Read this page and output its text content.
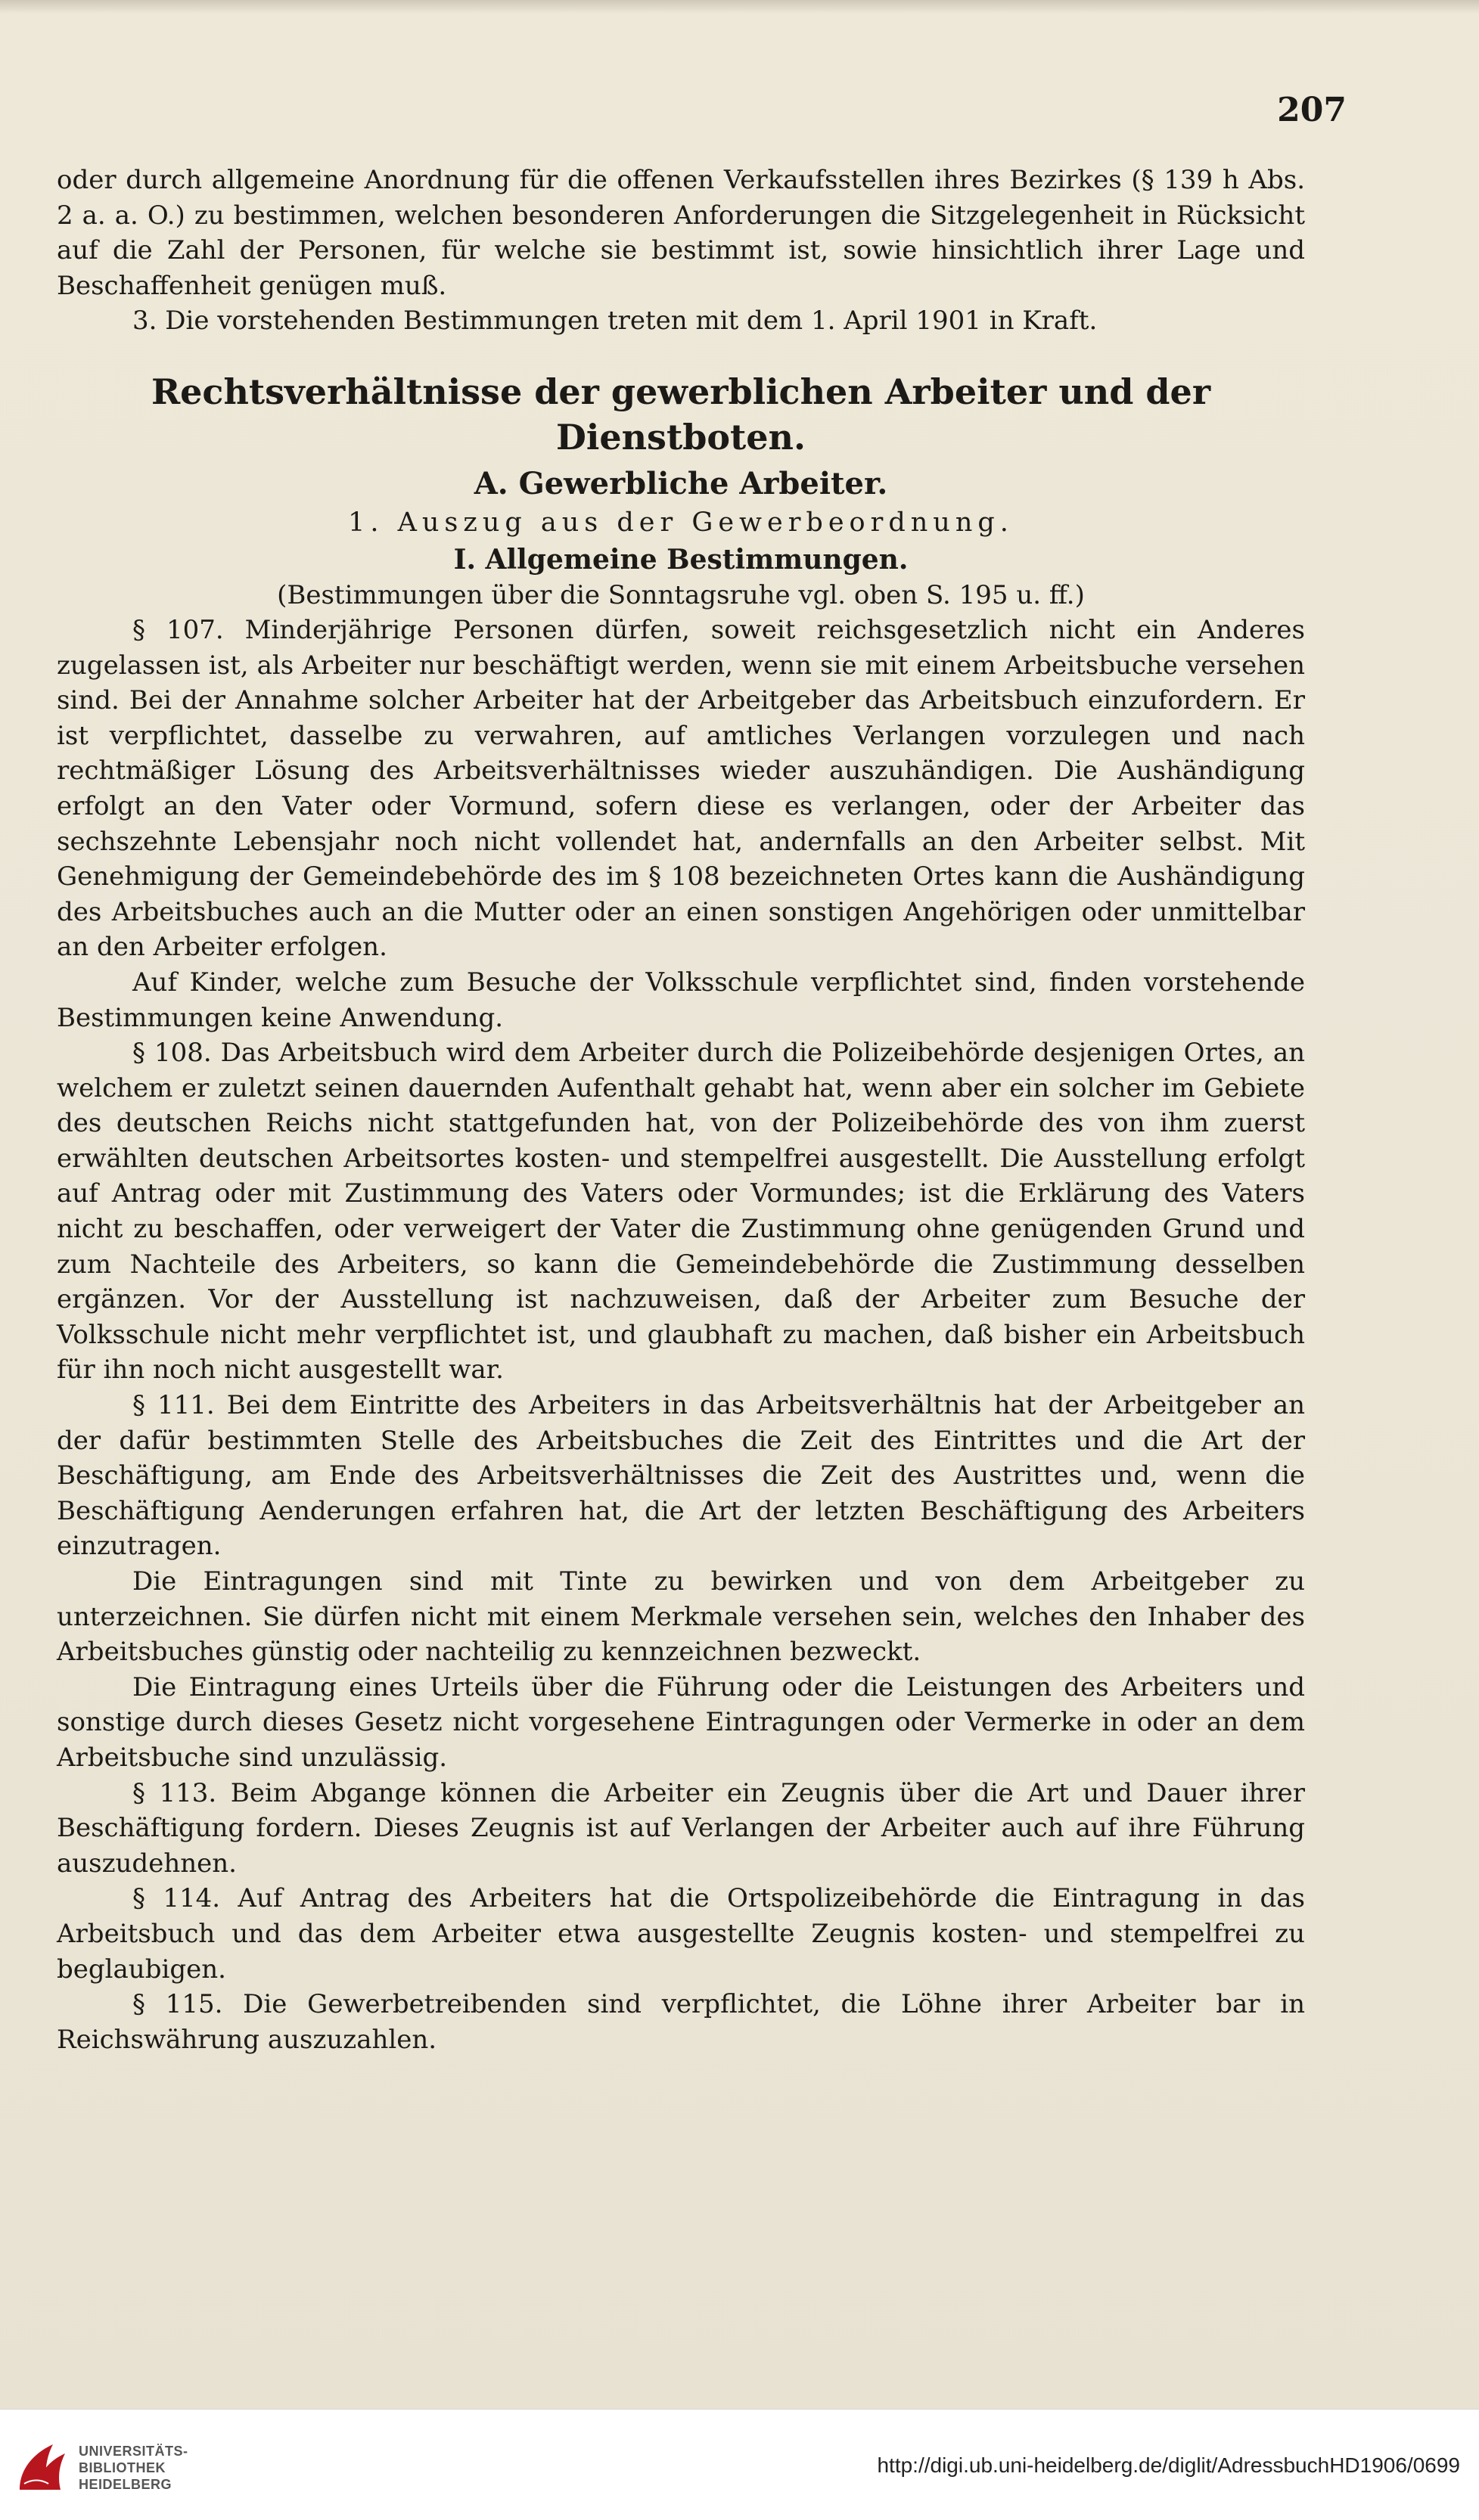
207

oder durch allgemeine Anordnung für die offenen Verkaufsstellen ihres Bezirkes (§ 139 h Abs. 2 a. a. O.) zu bestimmen, welchen besonderen Anforderungen die Sitzgelegenheit in Rücksicht auf die Zahl der Personen, für welche sie bestimmt ist, sowie hinsichtlich ihrer Lage und Beschaffenheit genügen muß.

3. Die vorstehenden Bestimmungen treten mit dem 1. April 1901 in Kraft.

Rechtsverhältnisse der gewerblichen Arbeiter und der Dienstboten.
A. Gewerbliche Arbeiter.
1. Auszug aus der Gewerbeordnung.
I. Allgemeine Bestimmungen.
(Bestimmungen über die Sonntagsruhe vgl. oben S. 195 u. ff.)

§ 107. Minderjährige Personen dürfen, soweit reichsgesetzlich nicht ein Anderes zugelassen ist, als Arbeiter nur beschäftigt werden, wenn sie mit einem Arbeitsbuche versehen sind. Bei der Annahme solcher Arbeiter hat der Arbeitgeber das Arbeitsbuch einzufordern. Er ist verpflichtet, dasselbe zu verwahren, auf amtliches Verlangen vorzulegen und nach rechtmäßiger Lösung des Arbeitsverhältnisses wieder auszuhändigen. Die Aushändigung erfolgt an den Vater oder Vormund, sofern diese es verlangen, oder der Arbeiter das sechszehnte Lebensjahr noch nicht vollendet hat, andernfalls an den Arbeiter selbst. Mit Genehmigung der Gemeindebehörde des im § 108 bezeichneten Ortes kann die Aushändigung des Arbeitsbuches auch an die Mutter oder an einen sonstigen Angehörigen oder unmittelbar an den Arbeiter erfolgen.

Auf Kinder, welche zum Besuche der Volksschule verpflichtet sind, finden vorstehende Bestimmungen keine Anwendung.

§ 108. Das Arbeitsbuch wird dem Arbeiter durch die Polizeibehörde desjenigen Ortes, an welchem er zuletzt seinen dauernden Aufenthalt gehabt hat, wenn aber ein solcher im Gebiete des deutschen Reichs nicht stattgefunden hat, von der Polizeibehörde des von ihm zuerst erwählten deutschen Arbeitsortes kosten- und stempelfrei ausgestellt. Die Ausstellung erfolgt auf Antrag oder mit Zustimmung des Vaters oder Vormundes; ist die Erklärung des Vaters nicht zu beschaffen, oder verweigert der Vater die Zustimmung ohne genügenden Grund und zum Nachteile des Arbeiters, so kann die Gemeindebehörde die Zustimmung desselben ergänzen. Vor der Ausstellung ist nachzuweisen, daß der Arbeiter zum Besuche der Volksschule nicht mehr verpflichtet ist, und glaubhaft zu machen, daß bisher ein Arbeitsbuch für ihn noch nicht ausgestellt war.

§ 111. Bei dem Eintritte des Arbeiters in das Arbeitsverhältnis hat der Arbeitgeber an der dafür bestimmten Stelle des Arbeitsbuches die Zeit des Eintrittes und die Art der Beschäftigung, am Ende des Arbeitsverhältnisses die Zeit des Austrittes und, wenn die Beschäftigung Aenderungen erfahren hat, die Art der letzten Beschäftigung des Arbeiters einzutragen.

Die Eintragungen sind mit Tinte zu bewirken und von dem Arbeitgeber zu unterzeichnen. Sie dürfen nicht mit einem Merkmale versehen sein, welches den Inhaber des Arbeitsbuches günstig oder nachteilig zu kennzeichnen bezweckt.

Die Eintragung eines Urteils über die Führung oder die Leistungen des Arbeiters und sonstige durch dieses Gesetz nicht vorgesehene Eintragungen oder Vermerke in oder an dem Arbeitsbuche sind unzulässig.

§ 113. Beim Abgange können die Arbeiter ein Zeugnis über die Art und Dauer ihrer Beschäftigung fordern. Dieses Zeugnis ist auf Verlangen der Arbeiter auch auf ihre Führung auszudehnen.

§ 114. Auf Antrag des Arbeiters hat die Ortspolizeibehörde die Eintragung in das Arbeitsbuch und das dem Arbeiter etwa ausgestellte Zeugnis kosten- und stempelfrei zu beglaubigen.

§ 115. Die Gewerbetreibenden sind verpflichtet, die Löhne ihrer Arbeiter bar in Reichswährung auszuzahlen.

UNIVERSITÄTS-
BIBLIOTHEK
HEIDELBERG
http://digi.ub.uni-heidelberg.de/diglit/AdressbuchHD1906/0699
